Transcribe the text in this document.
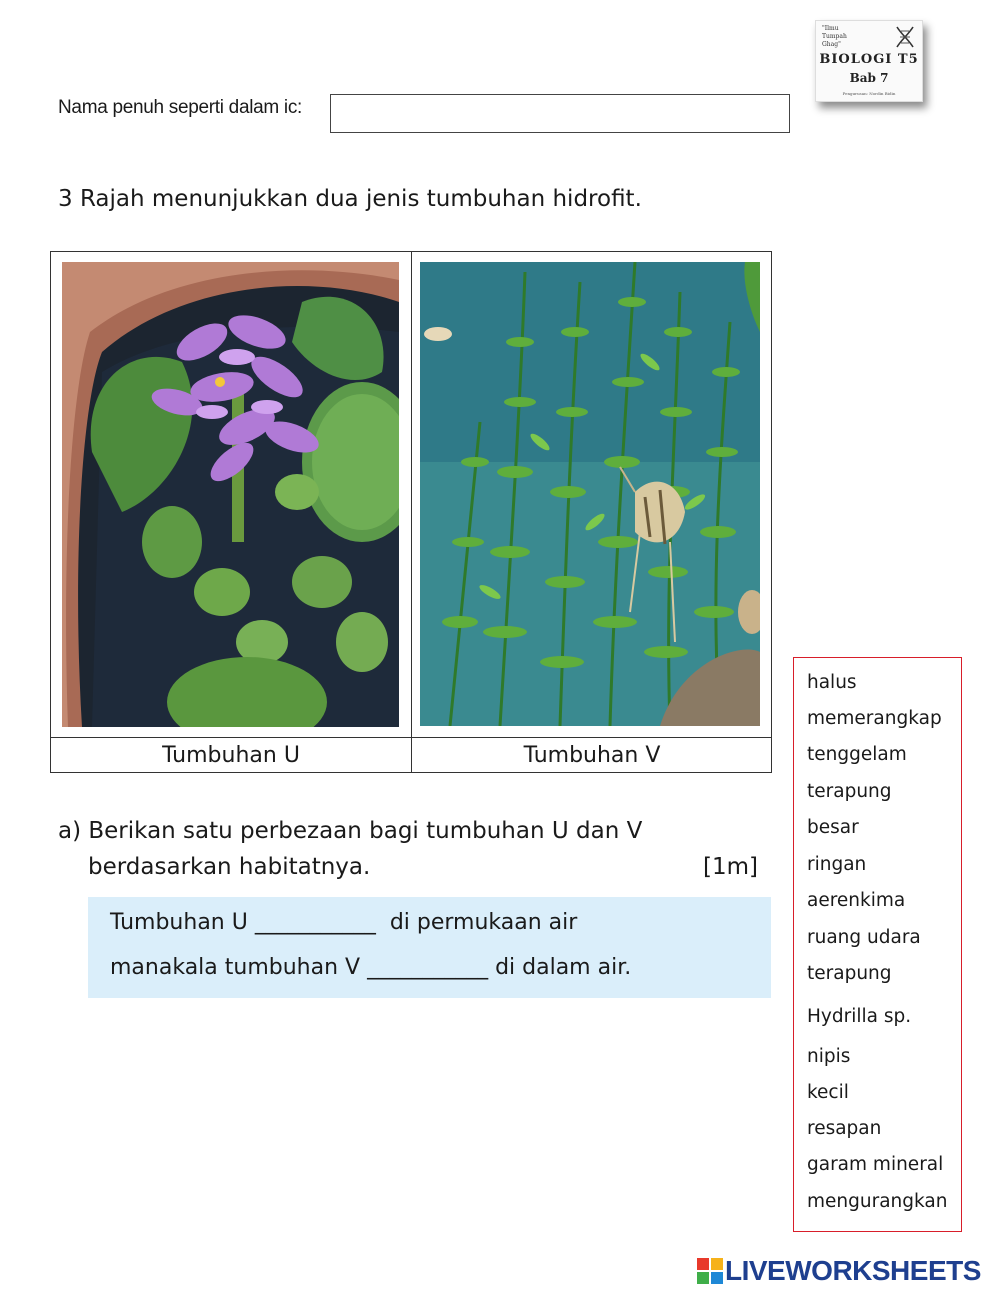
Nama penuh seperti dalam ic:
"Ilmu
Tumpah
Ghag"
BIOLOGI T5
Bab 7
Pengurusan: Nordin Bidin
3 Rajah menunjukkan dua jenis tumbuhan hidrofit.
Tumbuhan U	Tumbuhan V
a) Berikan satu perbezaan bagi tumbuhan U dan V
berdasarkan habitatnya.	[1m]
Tumbuhan U ___________  di permukaan air
manakala tumbuhan V ___________ di dalam air.
halus
memerangkap
tenggelam
terapung
besar
ringan
aerenkima
ruang udara
terapung
Hydrilla sp.
nipis
kecil
resapan
garam mineral
mengurangkan
LIVEWORKSHEETS
